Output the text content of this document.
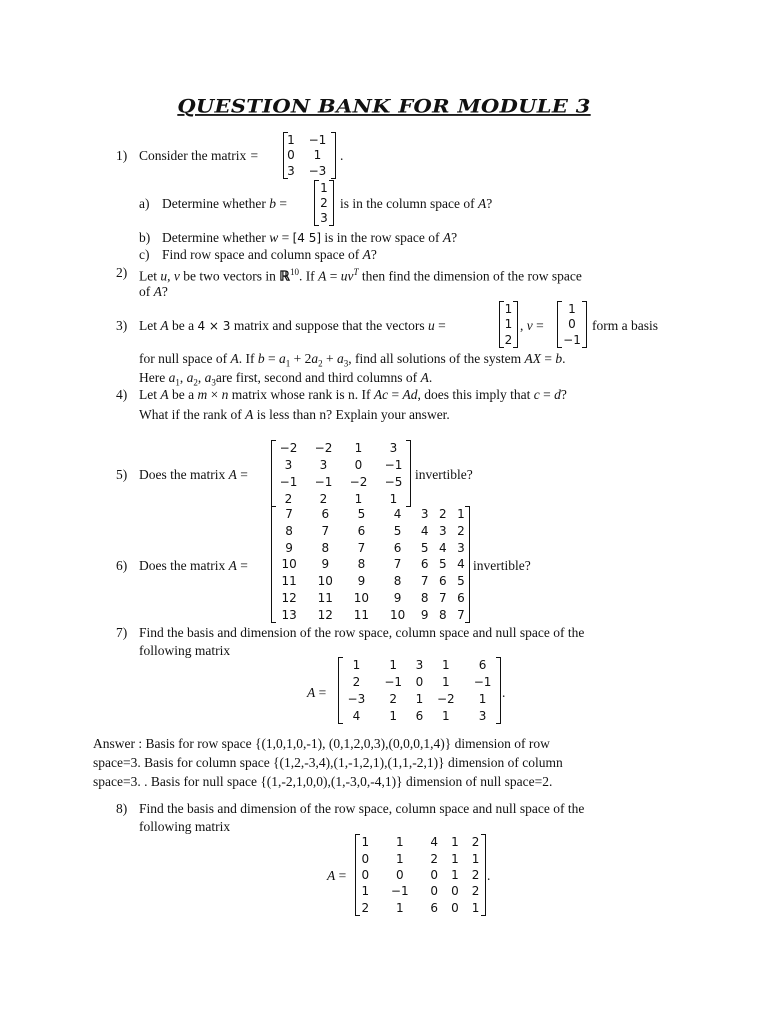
QUESTION BANK FOR MODULE 3
1) Consider the matrix =
1	−1
0	1
3	−3
.
a) Determine whether b =
1
2
3
is in the column space of A?
b) Determine whether w = [4 5] is in the row space of A?
c) Find row space and column space of A?
2) Let u, v be two vectors in ℝ$^{10}$. If $A = uv^T$ then find the dimension of the row space
of A?
3) Let A be a 4 × 3 matrix and suppose that the vectors u =
1
1
2
, v =
1
0
−1
form a basis
for null space of A. If $b = a_1 + 2a_2 + a_3$, find all solutions of the system AX = b.
Here $a_1$, $a_2$, $a_3are$ first, second and third columns of A.
4) Let A be a m × n matrix whose rank is n. If Ac = Ad, does this imply that c = d?
What if the rank of A is less than n? Explain your answer.
5) Does the matrix A =
−2	−2	1	3
3	3	0	−1
−1	−1	−2	−5
2	2	1	1
invertible?
6) Does the matrix A =
7	6	5	4	3	2	1
8	7	6	5	4	3	2
9	8	7	6	5	4	3
10	9	8	7	6	5	4
11	10	9	8	7	6	5
12	11	10	9	8	7	6
13	12	11	10	9	8	7
invertible?
7) Find the basis and dimension of the row space, column space and null space of the
following matrix
A =
1	1	3	1	6
2	−1	0	1	−1
−3	2	1	−2	1
4	1	6	1	3
.
Answer : Basis for row space {(1,0,1,0,-1), (0,1,2,0,3),(0,0,0,1,4)} dimension of row
space=3. Basis for column space {(1,2,-3,4),(1,-1,2,1),(1,1,-2,1)} dimension of column
space=3. . Basis for null space {(1,-2,1,0,0),(1,-3,0,-4,1)} dimension of null space=2.
8) Find the basis and dimension of the row space, column space and null space of the
following matrix
A =
1	1	4	1	2
0	1	2	1	1
0	0	0	1	2
1	−1	0	0	2
2	1	6	0	1
.
